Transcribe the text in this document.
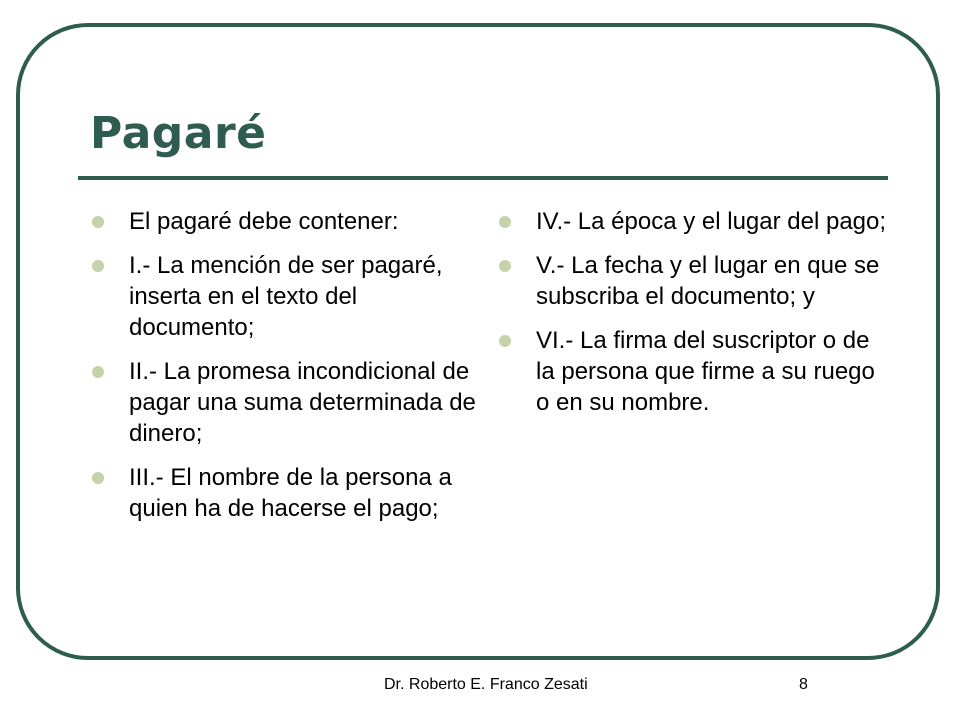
Pagaré
El pagaré debe contener:
I.- La mención de ser pagaré, inserta en el texto del documento;
II.- La promesa incondicional de pagar una suma determinada de dinero;
III.- El nombre de la persona a quien ha de hacerse el pago;
IV.- La época y el lugar del pago;
V.- La fecha y el lugar en que se subscriba el documento; y
VI.- La firma del suscriptor o de la persona que firme a su ruego o en su nombre.
Dr. Roberto E. Franco Zesati	8
